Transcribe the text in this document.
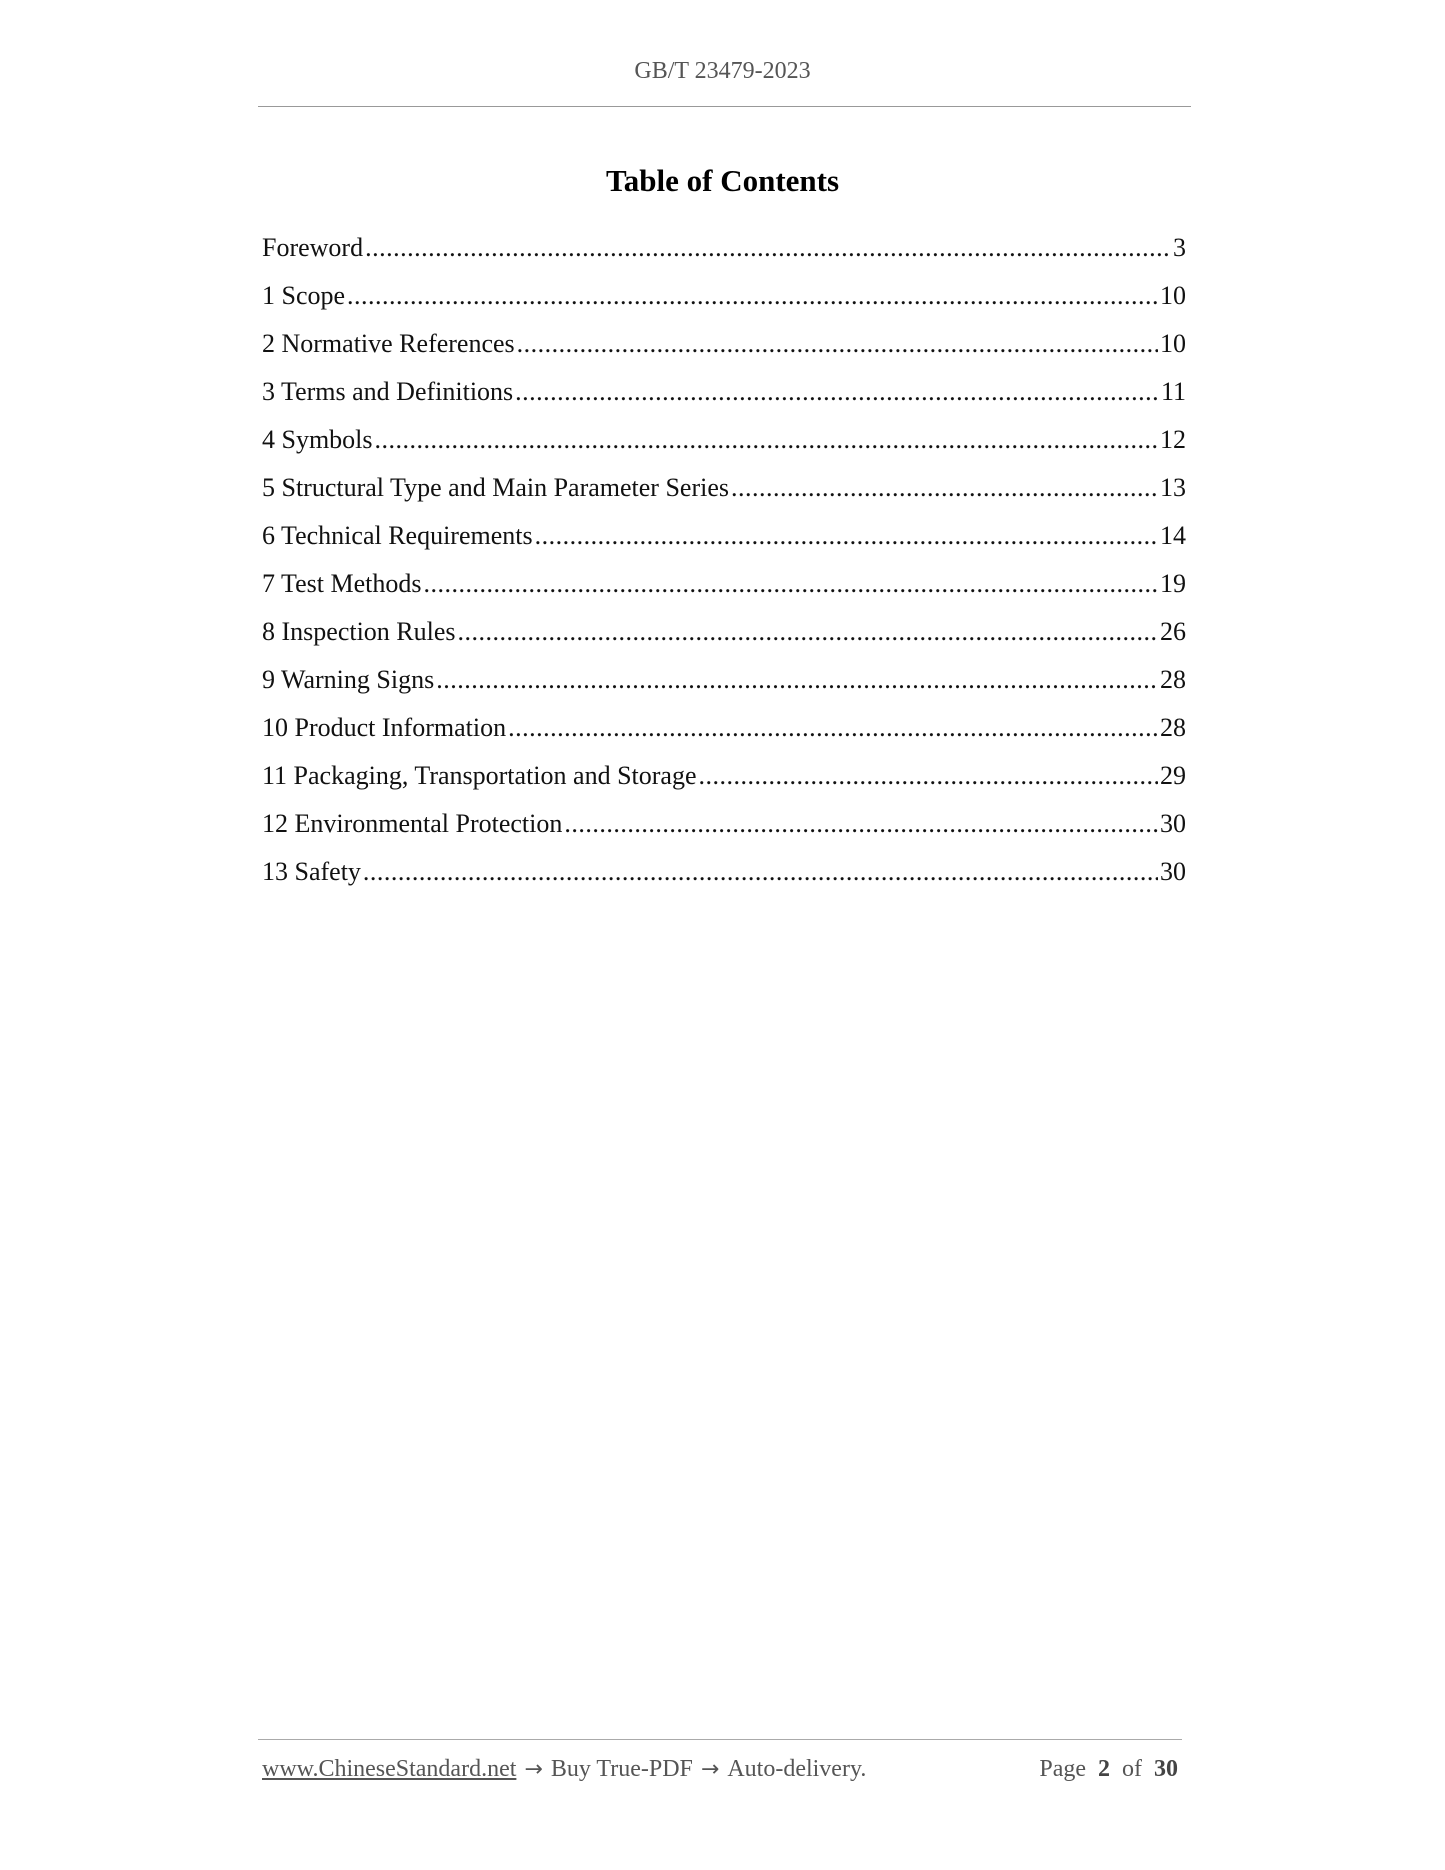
GB/T 23479-2023
Table of Contents
Foreword .....	3
1 Scope .....	10
2 Normative References .....	10
3 Terms and Definitions .....	11
4 Symbols .....	12
5 Structural Type and Main Parameter Series .....	13
6 Technical Requirements .....	14
7 Test Methods .....	19
8 Inspection Rules .....	26
9 Warning Signs .....	28
10 Product Information .....	28
11 Packaging, Transportation and Storage .....	29
12 Environmental Protection .....	30
13 Safety .....	30
www.ChineseStandard.net → Buy True-PDF → Auto-delivery.	Page 2 of 30
